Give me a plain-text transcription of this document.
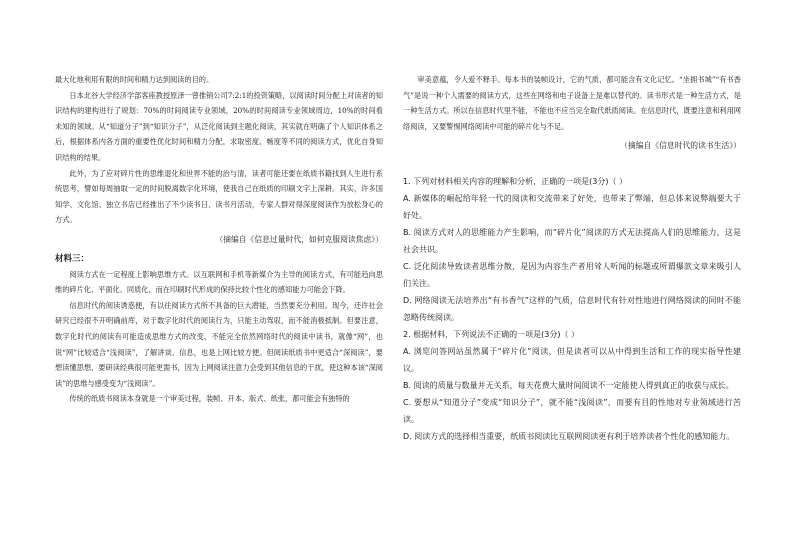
最大化地利用有限的时间和精力达到阅读的目的。

日本北谷大学经济学部客座教授原泽一曾推销公司7:2:1的投资策略，以阅读时间分配上对读者的知识结构的建构进行了规划：70%的时间阅读专业领域，20%的时间阅读专业领域周边，10%的时间看未知的领域。从“知道分子”到“知识分子”，从泛化阅读到主题化阅读，其实就在明确了个人知识体系之后，根据体系内各方面的重要性优化时间和精力分配，求取密度、畅度等不同的阅读方式，优化自身知识结构的结果。

此外，为了应对碎片性的思维退化和世界不能的治与清，读者可能还要在纸质书籍找到人生进行系统思考，譬如每周抽取一定的时间脱离数字化环境，使我自己在纸质的印刷文字上深耕。其实，许多国知学、文化馆、独立书店已经推出了不少读书日、读书月活动，专家人群对得深度阅读作为放松身心的方式。

（摘编自《信息过量时代，如何克服阅读焦虑》）

材料三：

阅读方式在一定程度上影响思维方式。以互联网和手机等新媒介为主导的阅读方式，有可能趋向思维的碎片化、平面化、同质化，而在印刷时代形成的保持比较个性化的感知能力可能会下降。

信息时代的阅读诱惑便，有以往阅读方式所不具备的巨大潜能，当然要充分利用。现今，还许社会研究已经很不开明确前库，对于数字化时代的阅读行为，只能主动驾驭，而不能消极抵制。但要注意，数字化时代的阅读有可能造成思维方式的改变，不能完全依然网络时代的阅读中读书，就像“网”，也说“网”比较适合“浅阅读”，了解讲谈、信息，也是上网比较方便。但阅读纸质书中更适合“深阅读”，要想读懂思想、要研读经典很可能更需书，因为上网阅读注意力会受到其他信息的干扰，使这种本该“深阅读”的思维与感受变为“浅阅读”。

传统的纸质书阅读本身就是一个审美过程，装帧、开本、版式、纸张，都可能会有独特的

审美意蕴，令人爱不释手。每本书的装帧设计，它的气质，都可能含有文化记忆。“坐拥书城”“有书香气”是说一种个人需要的阅读方式，这些在网络和电子设备上是难以替代的。读书形式是一种生活方式，是一种生活方式。所以在信息时代里不能，不能也不应当完全取代纸质阅读。在信息时代，既要注意和利用网络阅读，又要警惕网络阅读中可能的碎片化与不足。

（摘编自《信息时代的读书生活》）

1. 下列对材料相关内容的理解和分析，正确的一项是(3分)（ ）

A. 新媒体的崛起给年轻一代的阅读和交流带来了好处，也带来了弊端，但总体来说弊端要大于好处。

B. 阅读方式对人的思维能力产生影响，而“碎片化”阅读的方式无法提高人们的思维能力，这是社会共识。

C. 泛化阅读导致读者思维分散，是因为内容生产者用耸人听闻的标题或所谓爆款文章来吸引人们关注。

D. 网络阅读无法培养出“有书香气”这样的气质，信息时代有针对性地进行网络阅读的同时不能忽略传统阅读。

2. 根据材料，下列说法不正确的一项是(3分)（ ）

A. 浏览问答网站虽然属于“碎片化”阅读，但是读者可以从中得到生活和工作的现实指导性建议。

B. 阅读的质量与数量并无关系，每天花费大量时间阅读不一定能使人得到真正的收获与成长。

C. 要想从“知道分子”变成“知识分子”，就不能“浅阅读”，而要有目的性地对专业领域进行苦读。

D. 阅读方式的选择相当重要，纸质书阅读比互联网阅读更有利于培养读者个性化的感知能力。
